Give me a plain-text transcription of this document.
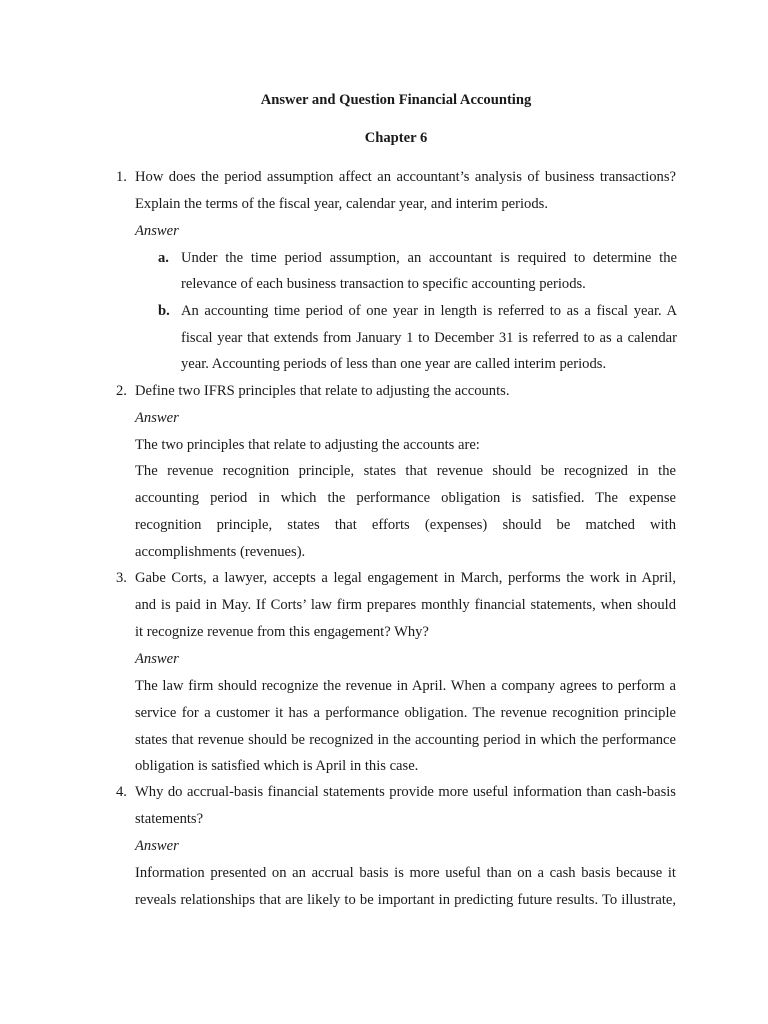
Answer and Question Financial Accounting
Chapter 6
1. How does the period assumption affect an accountant’s analysis of business transactions?
Explain the terms of the fiscal year, calendar year, and interim periods.
Answer
a. Under the time period assumption, an accountant is required to determine the
relevance of each business transaction to specific accounting periods.
b. An accounting time period of one year in length is referred to as a fiscal year. A
fiscal year that extends from January 1 to December 31 is referred to as a calendar
year. Accounting periods of less than one year are called interim periods.
2. Define two IFRS principles that relate to adjusting the accounts.
Answer
The two principles that relate to adjusting the accounts are:
The revenue recognition principle, states that revenue should be recognized in the
accounting period in which the performance obligation is satisfied. The expense
recognition principle, states that efforts (expenses) should be matched with
accomplishments (revenues).
3. Gabe Corts, a lawyer, accepts a legal engagement in March, performs the work in April,
and is paid in May. If Corts’ law firm prepares monthly financial statements, when should
it recognize revenue from this engagement? Why?
Answer
The law firm should recognize the revenue in April. When a company agrees to perform a
service for a customer it has a performance obligation. The revenue recognition principle
states that revenue should be recognized in the accounting period in which the performance
obligation is satisfied which is April in this case.
4. Why do accrual-basis financial statements provide more useful information than cash-basis
statements?
Answer
Information presented on an accrual basis is more useful than on a cash basis because it
reveals relationships that are likely to be important in predicting future results. To illustrate,
